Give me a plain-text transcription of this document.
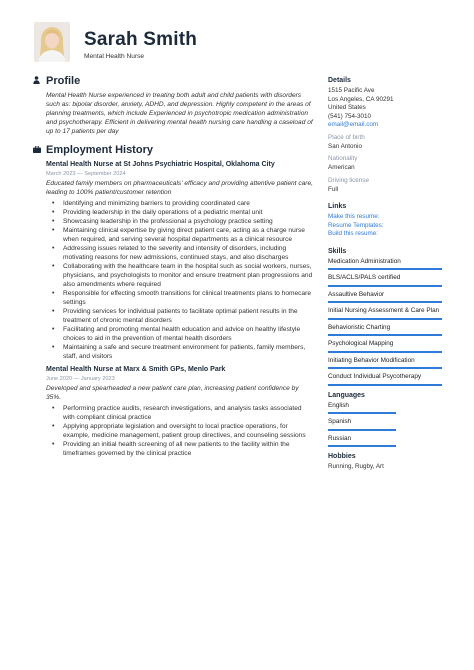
Sarah Smith
Mental Health Nurse
Profile
Mental Health Nurse experienced in treating both adult and child patients with disorders such as: bipolar disorder, anxiety, ADHD, and depression. Highly competent in the areas of planning treatments, which include Experienced in psychotropic medication administration and psychotherapy. Efficient in delivering mental health nursing care handling a caseload of up to 17 patients per day
Employment History
Mental Health Nurse at St Johns Psychiatric Hospital, Oklahoma City
March 2023 — September 2024
Educated family members on pharmaceuticals' efficacy and providing attentive patient care, leading to 100% patient/customer retention
• Identifying and minimizing barriers to providing coordinated care
• Providing leadership in the daily operations of a pediatric mental unit
• Showcasing leadership in the professional a psychology practice setting
• Maintaining clinical expertise by giving direct patient care, acting as a charge nurse when required, and serving several hospital departments as a clinical resource
• Addressing issues related to the severity and intensity of disorders, including motivating reasons for new admissions, continued stays, and also discharges
• Collaborating with the healthcare team in the hospital such as social workers, nurses, physicians, and psychologists to monitor and ensure treatment plan progressions and also amendments where required
• Responsible for effecting smooth transitions for clinical treatments plans to homecare settings
• Providing services for individual patients to facilitate optimal patient results in the treatment of chronic mental disorders
• Facilitating and promoting mental health education and advice on healthy lifestyle choices to aid in the prevention of mental health disorders
• Maintaining a safe and secure treatment environment for patients, family members, staff, and visitors
Mental Health Nurse at Marx & Smith GPs, Menlo Park
June 2020 — January 2023
Developed and spearheaded a new patient care plan, increasing patient confidence by 35%.
• Performing practice audits, research investigations, and analysis tasks associated with compliant clinical practice
• Applying appropriate legislation and oversight to local practice operations, for example, medicine management, patient group directives, and counseling sessions
• Providing an initial health screening of all new patients to the facility within the timeframes governed by the clinical practice
Details
1515 Pacific Ave
Los Angeles, CA 90291
United States
(541) 754-3010
email@email.com
Place of birth
San Antonio
Nationality
American
Driving license
Full
Links
Make this resume:
Resume Templates:
Build this resume:
Skills
Medication Administration
BLS/ACLS/PALS certified
Assaultive Behavior
Initial Nursing Assessment & Care Plan
Behavioristic Charting
Psychological Mapping
Initiating Behavior Modification
Conduct Individual Psycotherapy
Languages
English
Spanish
Russian
Hobbies
Running, Rugby, Art
